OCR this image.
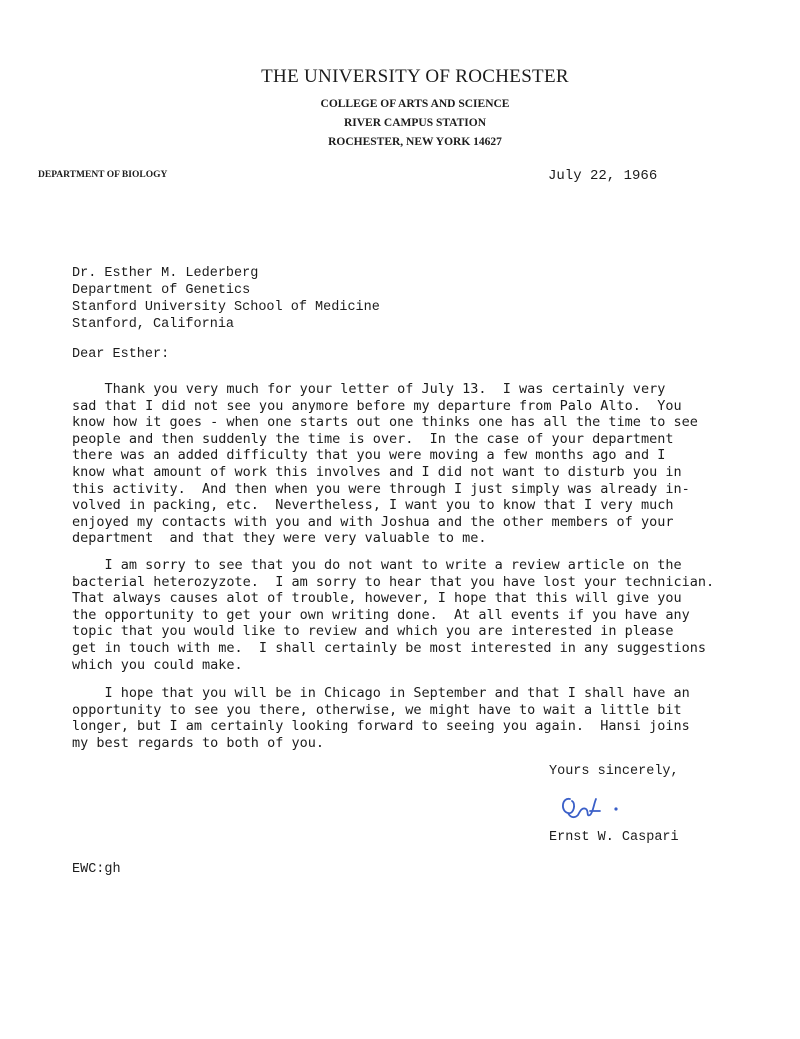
THE UNIVERSITY OF ROCHESTER
COLLEGE OF ARTS AND SCIENCE
RIVER CAMPUS STATION
ROCHESTER, NEW YORK 14627
DEPARTMENT OF BIOLOGY	July 22, 1966
Dr. Esther M. Lederberg
Department of Genetics
Stanford University School of Medicine
Stanford, California
Dear Esther:
Thank you very much for your letter of July 13.  I was certainly very
sad that I did not see you anymore before my departure from Palo Alto.  You
know how it goes - when one starts out one thinks one has all the time to see
people and then suddenly the time is over.  In the case of your department
there was an added difficulty that you were moving a few months ago and I
know what amount of work this involves and I did not want to disturb you in
this activity.  And then when you were through I just simply was already in-
volved in packing, etc.  Nevertheless, I want you to know that I very much
enjoyed my contacts with you and with Joshua and the other members of your
department  and that they were very valuable to me.
I am sorry to see that you do not want to write a review article on the
bacterial heterozyzote.  I am sorry to hear that you have lost your technician.
That always causes alot of trouble, however, I hope that this will give you
the opportunity to get your own writing done.  At all events if you have any
topic that you would like to review and which you are interested in please
get in touch with me.  I shall certainly be most interested in any suggestions
which you could make.
I hope that you will be in Chicago in September and that I shall have an
opportunity to see you there, otherwise, we might have to wait a little bit
longer, but I am certainly looking forward to seeing you again.  Hansi joins
my best regards to both of you.
Yours sincerely,
Ernst W. Caspari
EWC:gh
